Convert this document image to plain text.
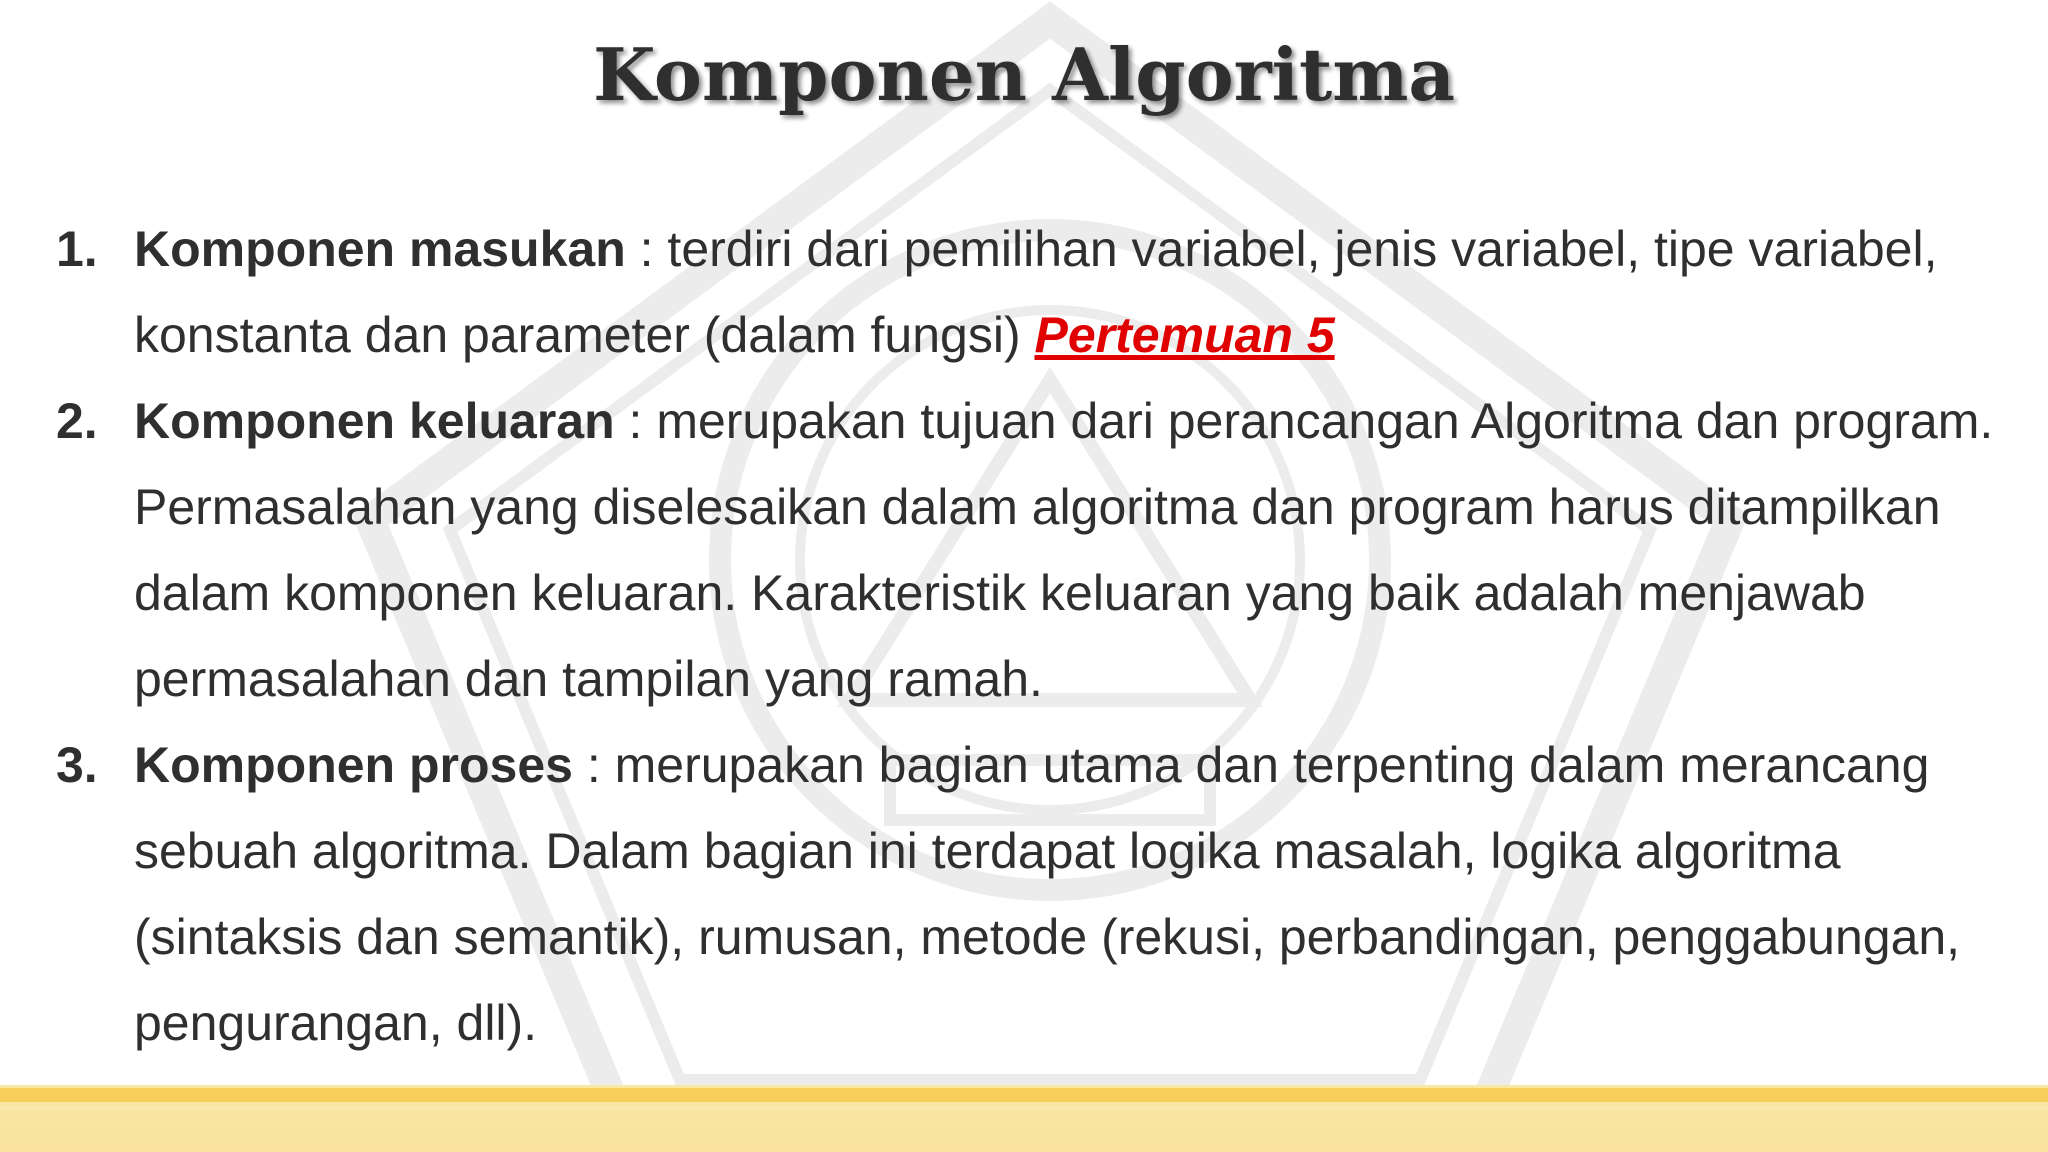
Komponen Algoritma
1. Komponen masukan : terdiri dari pemilihan variabel, jenis variabel, tipe variabel, konstanta dan parameter (dalam fungsi) Pertemuan 5
2. Komponen keluaran : merupakan tujuan dari perancangan Algoritma dan program. Permasalahan yang diselesaikan dalam algoritma dan program harus ditampilkan dalam komponen keluaran. Karakteristik keluaran yang baik adalah menjawab permasalahan dan tampilan yang ramah.
3. Komponen proses : merupakan bagian utama dan terpenting dalam merancang sebuah algoritma. Dalam bagian ini terdapat logika masalah, logika algoritma (sintaksis dan semantik), rumusan, metode (rekusi, perbandingan, penggabungan, pengurangan, dll).
